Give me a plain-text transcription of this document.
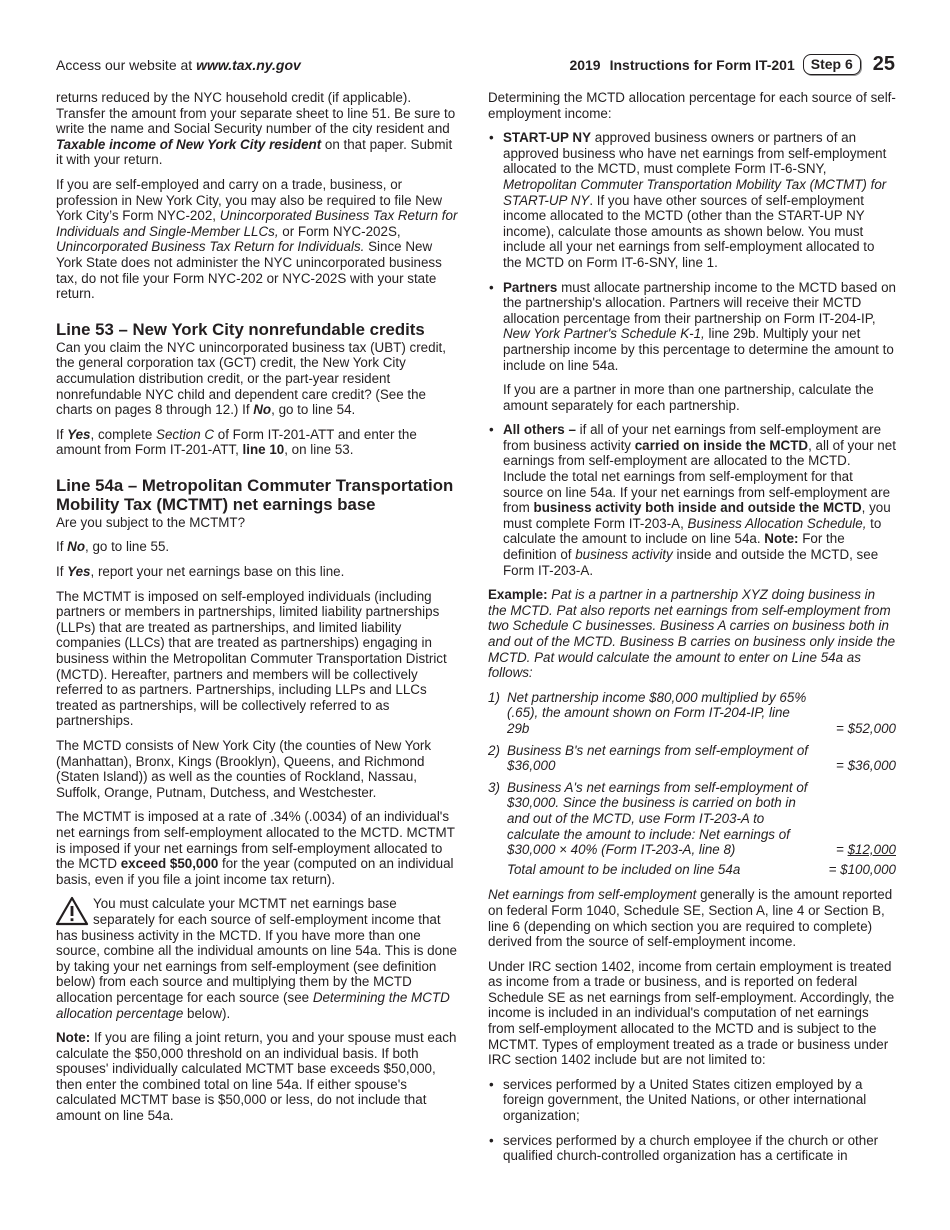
Access our website at www.tax.ny.gov	2019 Instructions for Form IT-201	Step 6	25

returns reduced by the NYC household credit (if applicable). Transfer the amount from your separate sheet to line 51. Be sure to write the name and Social Security number of the city resident and Taxable income of New York City resident on that paper. Submit it with your return.

If you are self-employed and carry on a trade, business, or profession in New York City, you may also be required to file New York City’s Form NYC-202, Unincorporated Business Tax Return for Individuals and Single-Member LLCs, or Form NYC-202S, Unincorporated Business Tax Return for Individuals. Since New York State does not administer the NYC unincorporated business tax, do not file your Form NYC-202 or NYC-202S with your state return.

Line 53 – New York City nonrefundable credits

Can you claim the NYC unincorporated business tax (UBT) credit, the general corporation tax (GCT) credit, the New York City accumulation distribution credit, or the part-year resident nonrefundable NYC child and dependent care credit? (See the charts on pages 8 through 12.) If No, go to line 54.

If Yes, complete Section C of Form IT-201-ATT and enter the amount from Form IT-201-ATT, line 10, on line 53.

Line 54a – Metropolitan Commuter Transportation Mobility Tax (MCTMT) net earnings base

Are you subject to the MCTMT?

If No, go to line 55.

If Yes, report your net earnings base on this line.

The MCTMT is imposed on self-employed individuals (including partners or members in partnerships, limited liability partnerships (LLPs) that are treated as partnerships, and limited liability companies (LLCs) that are treated as partnerships) engaging in business within the Metropolitan Commuter Transportation District (MCTD). Hereafter, partners and members will be collectively referred to as partners. Partnerships, including LLPs and LLCs treated as partnerships, will be collectively referred to as partnerships.

The MCTD consists of New York City (the counties of New York (Manhattan), Bronx, Kings (Brooklyn), Queens, and Richmond (Staten Island)) as well as the counties of Rockland, Nassau, Suffolk, Orange, Putnam, Dutchess, and Westchester.

The MCTMT is imposed at a rate of .34% (.0034) of an individual's net earnings from self-employment allocated to the MCTD. MCTMT is imposed if your net earnings from self-employment allocated to the MCTD exceed $50,000 for the year (computed on an individual basis, even if you file a joint income tax return).

You must calculate your MCTMT net earnings base separately for each source of self-employment income that has business activity in the MCTD. If you have more than one source, combine all the individual amounts on line 54a. This is done by taking your net earnings from self-employment (see definition below) from each source and multiplying them by the MCTD allocation percentage for each source (see Determining the MCTD allocation percentage below).

Note: If you are filing a joint return, you and your spouse must each calculate the $50,000 threshold on an individual basis. If both spouses' individually calculated MCTMT base exceeds $50,000, then enter the combined total on line 54a. If either spouse's calculated MCTMT base is $50,000 or less, do not include that amount on line 54a.

Determining the MCTD allocation percentage for each source of self-employment income:

• START-UP NY approved business owners or partners of an approved business who have net earnings from self-employment allocated to the MCTD, must complete Form IT-6-SNY, Metropolitan Commuter Transportation Mobility Tax (MCTMT) for START-UP NY. If you have other sources of self-employment income allocated to the MCTD (other than the START-UP NY income), calculate those amounts as shown below. You must include all your net earnings from self-employment allocated to the MCTD on Form IT-6-SNY, line 1.

• Partners must allocate partnership income to the MCTD based on the partnership's allocation. Partners will receive their MCTD allocation percentage from their partnership on Form IT-204-IP, New York Partner's Schedule K-1, line 29b. Multiply your net partnership income by this percentage to determine the amount to include on line 54a.

If you are a partner in more than one partnership, calculate the amount separately for each partnership.

• All others – if all of your net earnings from self-employment are from business activity carried on inside the MCTD, all of your net earnings from self-employment are allocated to the MCTD. Include the total net earnings from self-employment for that source on line 54a. If your net earnings from self-employment are from business activity both inside and outside the MCTD, you must complete Form IT-203-A, Business Allocation Schedule, to calculate the amount to include on line 54a. Note: For the definition of business activity inside and outside the MCTD, see Form IT-203-A.

Example: Pat is a partner in a partnership XYZ doing business in the MCTD. Pat also reports net earnings from self-employment from two Schedule C businesses. Business A carries on business both in and out of the MCTD. Business B carries on business only inside the MCTD. Pat would calculate the amount to enter on Line 54a as follows:

1) Net partnership income $80,000 multiplied by 65% (.65), the amount shown on Form IT-204-IP, line 29b	= $52,000
2) Business B's net earnings from self-employment of $36,000	= $36,000
3) Business A's net earnings from self-employment of $30,000. Since the business is carried on both in and out of the MCTD, use Form IT-203-A to calculate the amount to include: Net earnings of $30,000 × 40% (Form IT-203-A, line 8)	= $12,000
Total amount to be included on line 54a	= $100,000

Net earnings from self-employment generally is the amount reported on federal Form 1040, Schedule SE, Section A, line 4 or Section B, line 6 (depending on which section you are required to complete) derived from the source of self-employment income.

Under IRC section 1402, income from certain employment is treated as income from a trade or business, and is reported on federal Schedule SE as net earnings from self-employment. Accordingly, the income is included in an individual's computation of net earnings from self-employment allocated to the MCTD and is subject to the MCTMT. Types of employment treated as a trade or business under IRC section 1402 include but are not limited to:

• services performed by a United States citizen employed by a foreign government, the United Nations, or other international organization;
• services performed by a church employee if the church or other qualified church-controlled organization has a certificate in
